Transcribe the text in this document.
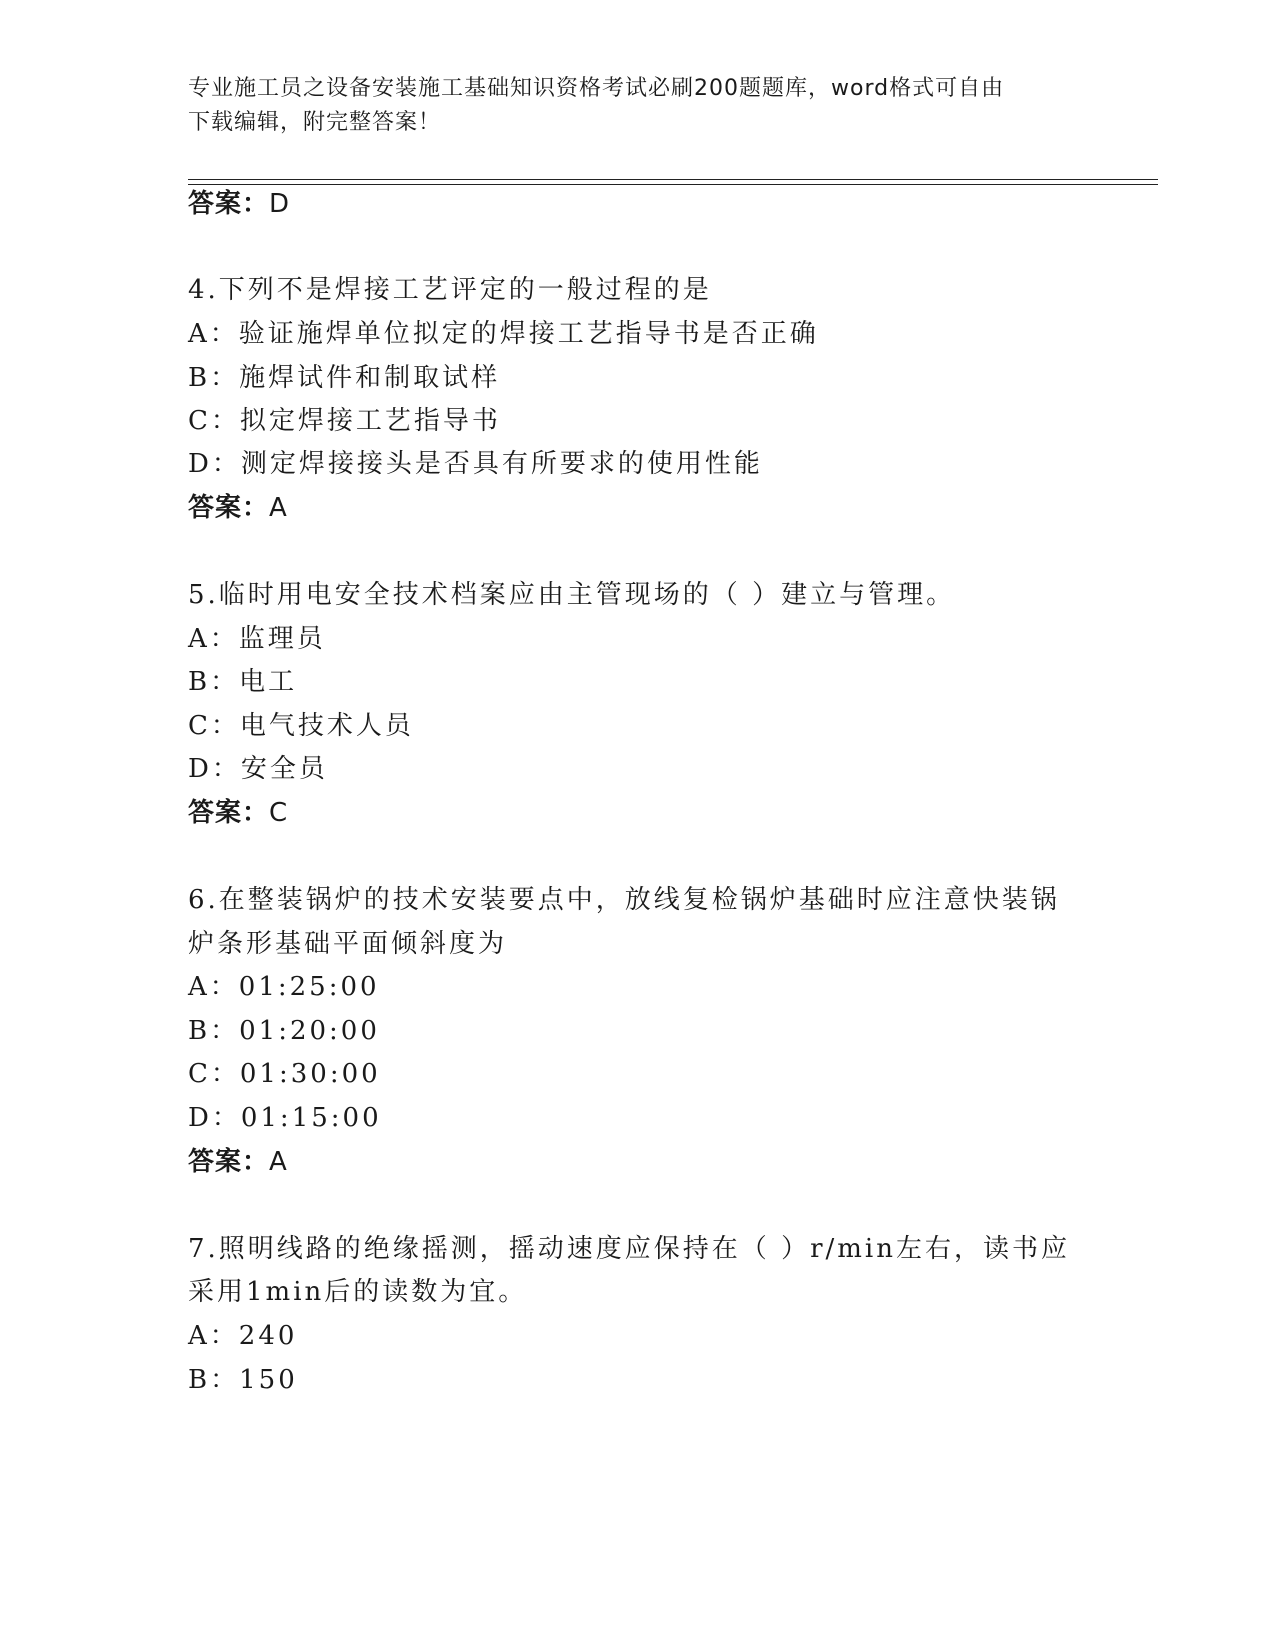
专业施工员之设备安装施工基础知识资格考试必刷200题题库，word格式可自由
下载编辑，附完整答案！
答案：D
4.下列不是焊接工艺评定的一般过程的是
A：验证施焊单位拟定的焊接工艺指导书是否正确
B：施焊试件和制取试样
C：拟定焊接工艺指导书
D：测定焊接接头是否具有所要求的使用性能
答案：A
5.临时用电安全技术档案应由主管现场的（ ）建立与管理。
A：监理员
B：电工
C：电气技术人员
D：安全员
答案：C
6.在整装锅炉的技术安装要点中，放线复检锅炉基础时应注意快装锅
炉条形基础平面倾斜度为
A：01:25:00
B：01:20:00
C：01:30:00
D：01:15:00
答案：A
7.照明线路的绝缘摇测，摇动速度应保持在（ ）r/min左右，读书应
采用1min后的读数为宜。
A：240
B：150
